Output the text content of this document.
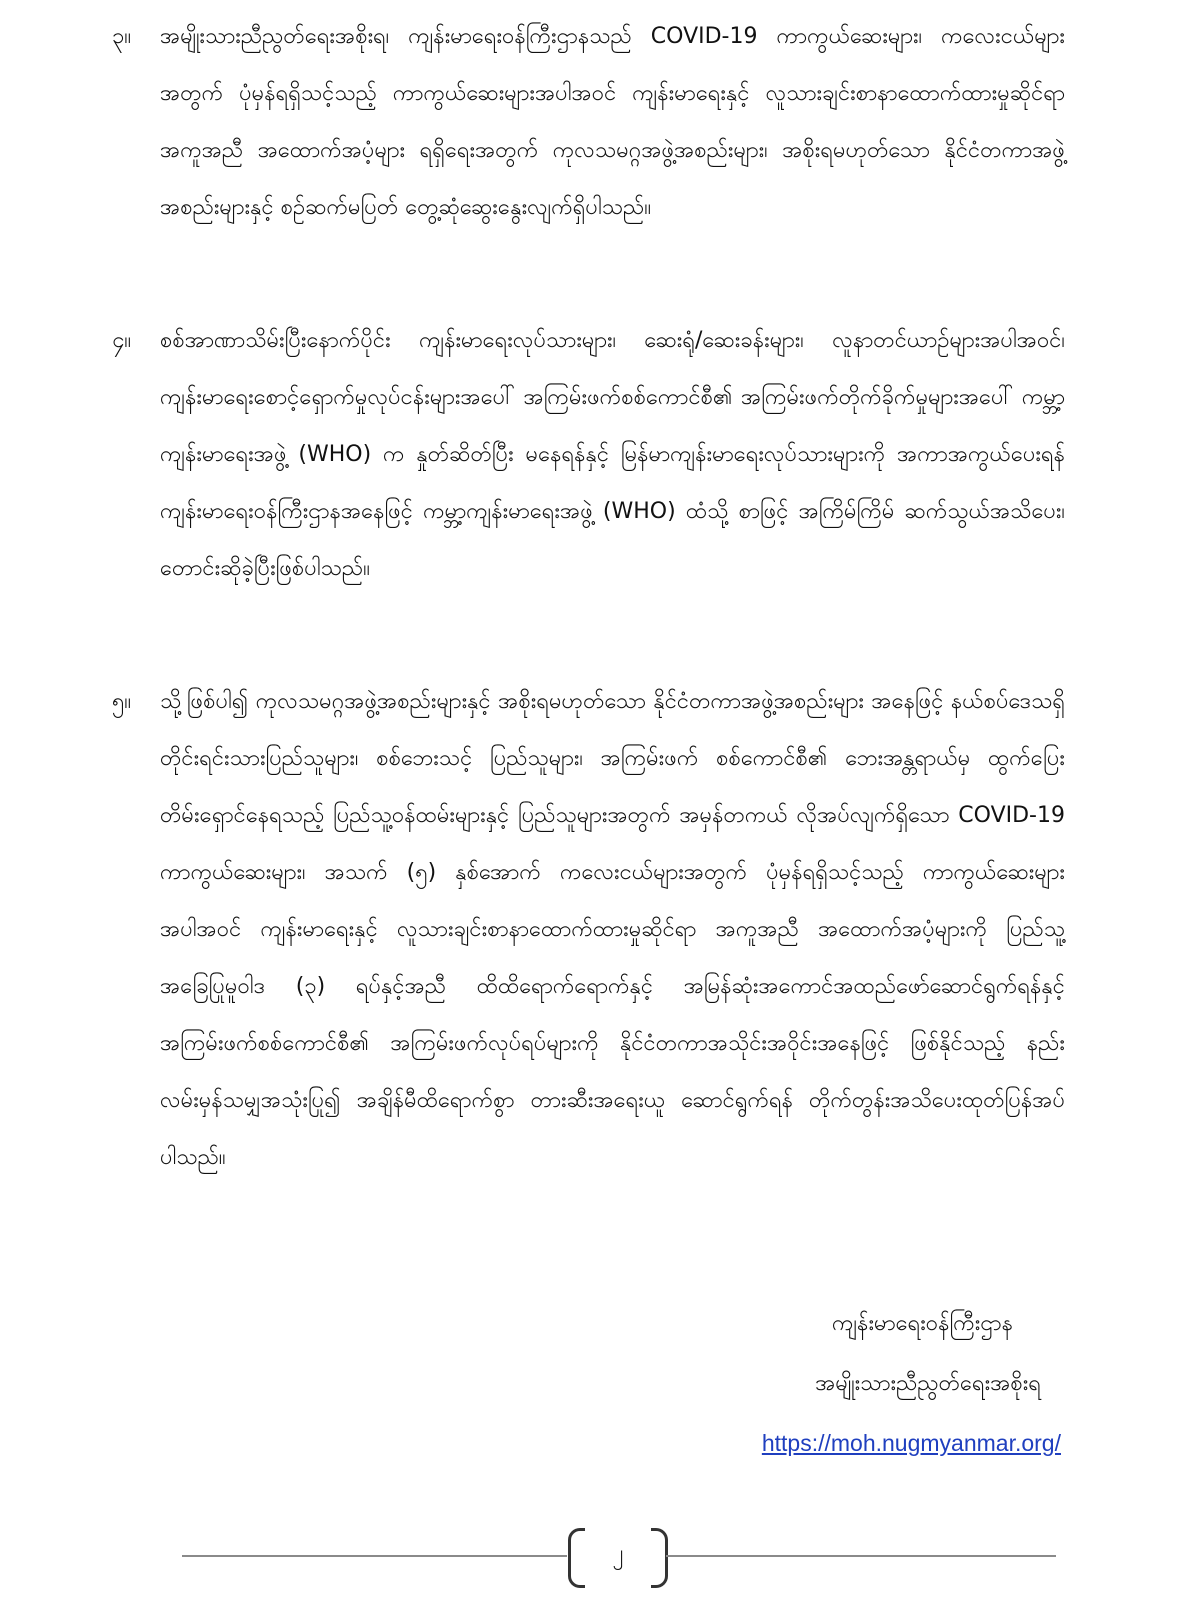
၃။ အမျိုးသားညီညွတ်ရေးအစိုးရ၊ ကျန်းမာရေးဝန်ကြီးဌာနသည် COVID-19 ကာကွယ်ဆေးများ၊ ကလေးငယ်များအတွက် ပုံမှန်ရရှိသင့်သည့် ကာကွယ်ဆေးများအပါအဝင် ကျန်းမာရေးနှင့် လူသားချင်းစာနာထောက်ထားမှုဆိုင်ရာ အကူအညီ အထောက်အပံ့များ ရရှိရေးအတွက် ကုလသမဂ္ဂအဖွဲ့အစည်းများ၊ အစိုးရမဟုတ်သော နိုင်ငံတကာအဖွဲ့အစည်းများနှင့် စဉ်ဆက်မပြတ် တွေ့ဆုံဆွေးနွေးလျက်ရှိပါသည်။
၄။ စစ်အာဏာသိမ်းပြီးနောက်ပိုင်း ကျန်းမာရေးလုပ်သားများ၊ ဆေးရုံ/ဆေးခန်းများ၊ လူနာတင်ယာဉ်များအပါအဝင်၊ ကျန်းမာရေးစောင့်ရှောက်မှုလုပ်ငန်းများအပေါ် အကြမ်းဖက်စစ်ကောင်စီ၏ အကြမ်းဖက်တိုက်ခိုက်မှုများအပေါ် ကမ္ဘာ့ကျန်းမာရေးအဖွဲ့ (WHO) က နှုတ်ဆိတ်ပြီး မနေရန်နှင့် မြန်မာကျန်းမာရေးလုပ်သားများကို အကာအကွယ်ပေးရန် ကျန်းမာရေးဝန်ကြီးဌာနအနေဖြင့် ကမ္ဘာ့ကျန်းမာရေးအဖွဲ့ (WHO) ထံသို့ စာဖြင့် အကြိမ်ကြိမ် ဆက်သွယ်အသိပေး၊ တောင်းဆိုခဲ့ပြီးဖြစ်ပါသည်။
၅။ သို့ဖြစ်ပါ၍ ကုလသမဂ္ဂအဖွဲ့အစည်းများနှင့် အစိုးရမဟုတ်သော နိုင်ငံတကာအဖွဲ့အစည်းများ အနေဖြင့် နယ်စပ်ဒေသရှိ တိုင်းရင်းသားပြည်သူများ၊ စစ်ဘေးသင့် ပြည်သူများ၊ အကြမ်းဖက် စစ်ကောင်စီ၏ ဘေးအန္တရာယ်မှ ထွက်ပြေးတိမ်းရှောင်နေရသည့် ပြည်သူ့ဝန်ထမ်းများနှင့် ပြည်သူများအတွက် အမှန်တကယ် လိုအပ်လျက်ရှိသော COVID-19 ကာကွယ်ဆေးများ၊ အသက် (၅) နှစ်အောက် ကလေးငယ်များအတွက် ပုံမှန်ရရှိသင့်သည့် ကာကွယ်ဆေးများ အပါအဝင် ကျန်းမာရေးနှင့် လူသားချင်းစာနာထောက်ထားမှုဆိုင်ရာ အကူအညီ အထောက်အပံ့များကို ပြည်သူ့အခြေပြုမူဝါဒ (၃) ရပ်နှင့်အညီ ထိထိရောက်ရောက်နှင့် အမြန်ဆုံးအကောင်အထည်ဖော်ဆောင်ရွက်ရန်နှင့် အကြမ်းဖက်စစ်ကောင်စီ၏ အကြမ်းဖက်လုပ်ရပ်များကို နိုင်ငံတကာအသိုင်းအဝိုင်းအနေဖြင့် ဖြစ်နိုင်သည့် နည်းလမ်းမှန်သမျှအသုံးပြု၍ အချိန်မီထိရောက်စွာ တားဆီးအရေးယူ ဆောင်ရွက်ရန် တိုက်တွန်းအသိပေးထုတ်ပြန်အပ်ပါသည်။
ကျန်းမာရေးဝန်ကြီးဌာန
အမျိုးသားညီညွတ်ရေးအစိုးရ
https://moh.nugmyanmar.org/
၂
